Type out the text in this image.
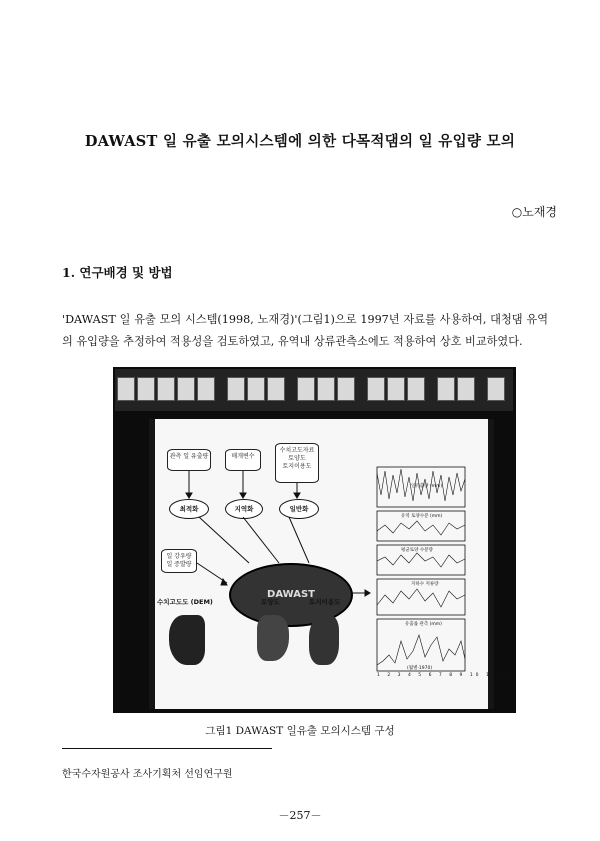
DAWAST 일 유출 모의시스템에 의한 다목적댐의 일 유입량 모의
○노재경
1. 연구배경 및 방법
'DAWAST 일 유출 모의 시스템(1998, 노재경)'(그림1)으로 1997년 자료를 사용하여, 대청댐 유역의 유입량을 추정하여 적용성을 검토하였고, 유역내 상류관측소에도 적용하여 상호 비교하였다.
관측 일 유출량	매개변수
수치고도자료
토양도
토지이용도
최적화	지역화	일반화
DAWAST
일 강우량
일 증발량
수치고도도 (DEM)	토양도	토지이용도
일유출량 (mm)
유역 토양수분 (mm)
평균토양 수분량
지하수 저류량
유출률 관측 (mm)
1 2 3 4 5 6 7 8 9 10 11 12
(월별·1970)
그림1 DAWAST 일유출 모의시스템 구성
한국수자원공사 조사기획처 선임연구원
－257－
